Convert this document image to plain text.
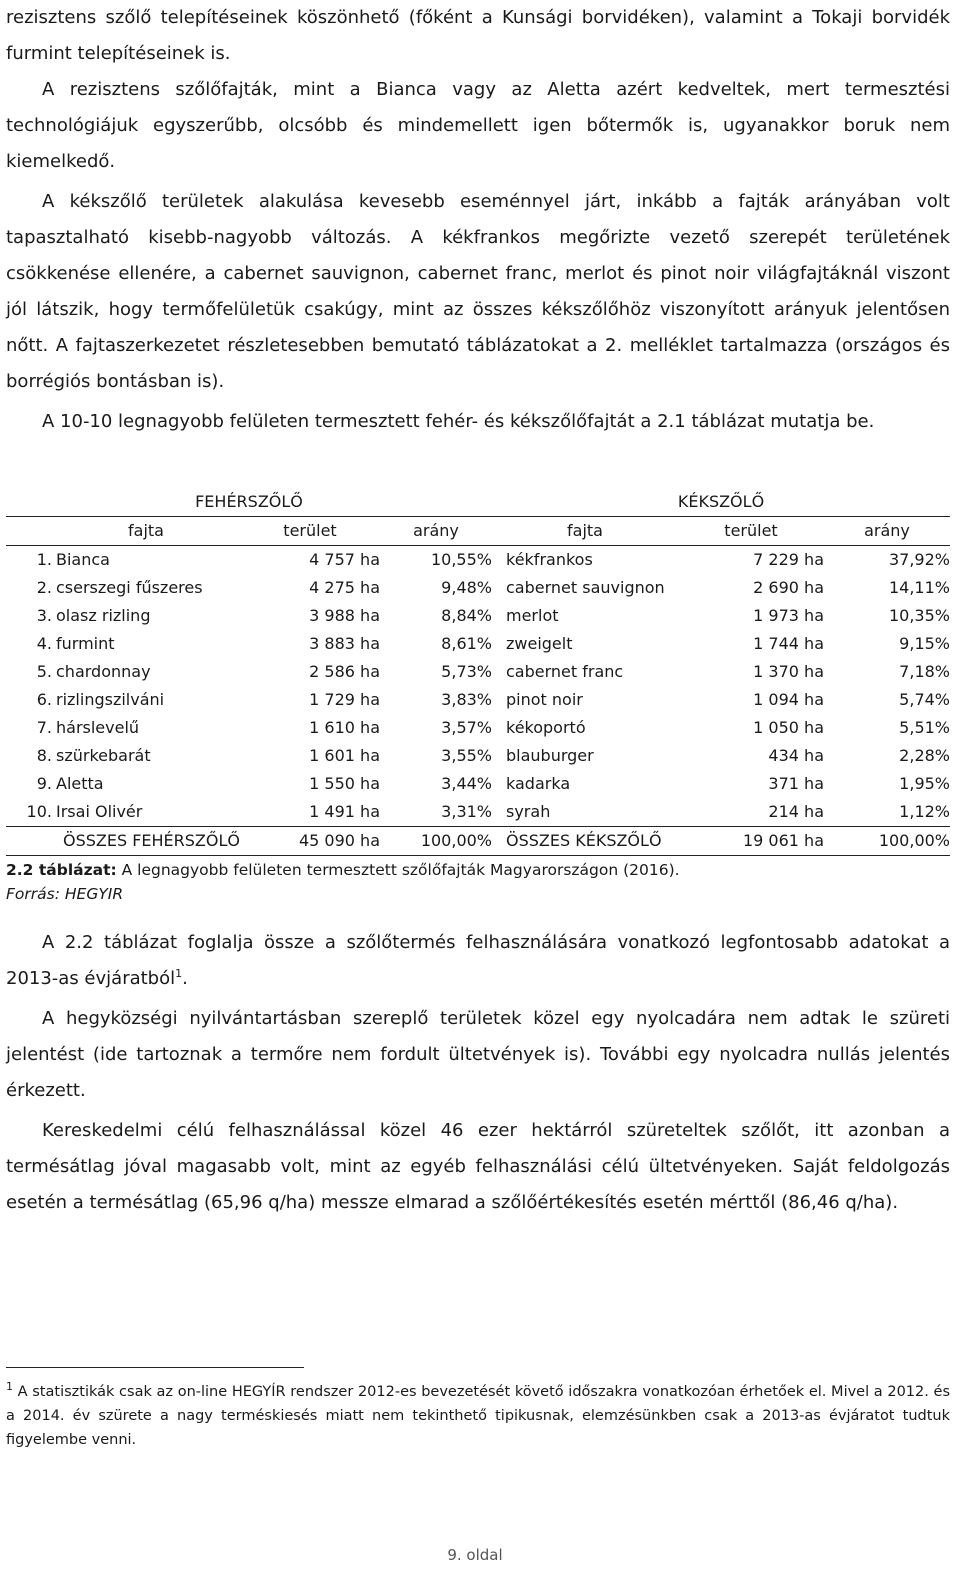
rezisztens szőlő telepítéseinek köszönhető (főként a Kunsági borvidéken), valamint a Tokaji borvidék furmint telepítéseinek is.

A rezisztens szőlőfajták, mint a Bianca vagy az Aletta azért kedveltek, mert termesztési technológiájuk egyszerűbb, olcsóbb és mindemellett igen bőtermők is, ugyanakkor boruk nem kiemelkedő.

A kékszőlő területek alakulása kevesebb eseménnyel járt, inkább a fajták arányában volt tapasztalható kisebb-nagyobb változás. A kékfrankos megőrizte vezető szerepét területének csökkenése ellenére, a cabernet sauvignon, cabernet franc, merlot és pinot noir világfajtáknál viszont jól látszik, hogy termőfelületük csakúgy, mint az összes kékszőlőhöz viszonyított arányuk jelentősen nőtt. A fajtaszerkezetet részletesebben bemutató táblázatokat a 2. melléklet tartalmazza (országos és borrégiós bontásban is).

A 10-10 legnagyobb felületen termesztett fehér- és kékszőlőfajtát a 2.1 táblázat mutatja be.

FEHÉRSZŐLŐ				KÉKSZŐLŐ		
	fajta	terület	arány	fajta	terület	arány
1.	Bianca	4 757 ha	10,55%	kékfrankos	7 229 ha	37,92%
2.	cserszegi fűszeres	4 275 ha	9,48%	cabernet sauvignon	2 690 ha	14,11%
3.	olasz rizling	3 988 ha	8,84%	merlot	1 973 ha	10,35%
4.	furmint	3 883 ha	8,61%	zweigelt	1 744 ha	9,15%
5.	chardonnay	2 586 ha	5,73%	cabernet franc	1 370 ha	7,18%
6.	rizlingszilváni	1 729 ha	3,83%	pinot noir	1 094 ha	5,74%
7.	hárslevelű	1 610 ha	3,57%	kékoportó	1 050 ha	5,51%
8.	szürkebarát	1 601 ha	3,55%	blauburger	434 ha	2,28%
9.	Aletta	1 550 ha	3,44%	kadarka	371 ha	1,95%
10.	Irsai Olivér	1 491 ha	3,31%	syrah	214 ha	1,12%
ÖSSZES FEHÉRSZŐLŐ		45 090 ha	100,00%	ÖSSZES KÉKSZŐLŐ	19 061 ha	100,00%
2.2 táblázat: A legnagyobb felületen termesztett szőlőfajták Magyarországon (2016).
Forrás: HEGYIR

A 2.2 táblázat foglalja össze a szőlőtermés felhasználására vonatkozó legfontosabb adatokat a 2013-as évjáratból$^1$.

A hegyközségi nyilvántartásban szereplő területek közel egy nyolcadára nem adtak le szüreti jelentést (ide tartoznak a termőre nem fordult ültetvények is). További egy nyolcadra nullás jelentés érkezett.

Kereskedelmi célú felhasználással közel 46 ezer hektárról szüreteltek szőlőt, itt azonban a termésátlag jóval magasabb volt, mint az egyéb felhasználási célú ültetvényeken. Saját feldolgozás esetén a termésátlag (65,96 q/ha) messze elmarad a szőlőértékesítés esetén mérttől (86,46 q/ha).

$^1$ A statisztikák csak az on-line HEGYÍR rendszer 2012-es bevezetését követő időszakra vonatkozóan érhetőek el. Mivel a 2012. és a 2014. év szürete a nagy terméskiesés miatt nem tekinthető tipikusnak, elemzésünkben csak a 2013-as évjáratot tudtuk figyelembe venni.
9. oldal
